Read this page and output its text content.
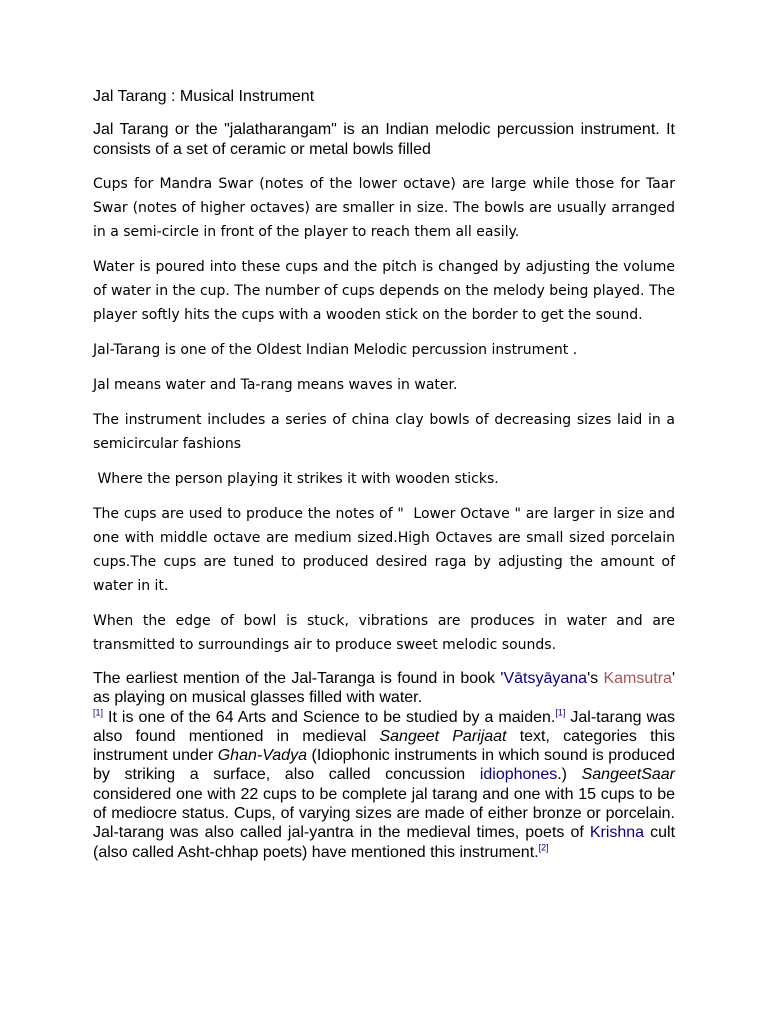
Jal Tarang : Musical Instrument
Jal Tarang or the "jalatharangam" is an Indian melodic percussion instrument. It consists of a set of ceramic or metal bowls filled
Cups for Mandra Swar (notes of the lower octave) are large while those for Taar Swar (notes of higher octaves) are smaller in size. The bowls are usually arranged in a semi-circle in front of the player to reach them all easily.
Water is poured into these cups and the pitch is changed by adjusting the volume of water in the cup. The number of cups depends on the melody being played. The player softly hits the cups with a wooden stick on the border to get the sound.
Jal-Tarang is one of the Oldest Indian Melodic percussion instrument .
Jal means water and Ta-rang means waves in water.
The instrument includes a series of china clay bowls of decreasing sizes laid in a semicircular fashions
Where the person playing it strikes it with wooden sticks.
The cups are used to produce the notes of "  Lower Octave " are larger in size and one with middle octave are medium sized.High Octaves are small sized porcelain cups.The cups are tuned to produced desired raga by adjusting the amount of water in it.
When the edge of bowl is stuck, vibrations are produces in water and are transmitted to surroundings air to produce sweet melodic sounds.
The earliest mention of the Jal-Taranga is found in book 'Vātsyāyana's Kamsutra' as playing on musical glasses filled with water.
[1] It is one of the 64 Arts and Science to be studied by a maiden.[1] Jal-tarang was also found mentioned in medieval Sangeet Parijaat text, categories this instrument under Ghan-Vadya (Idiophonic instruments in which sound is produced by striking a surface, also called concussion idiophones.) SangeetSaar considered one with 22 cups to be complete jal tarang and one with 15 cups to be of mediocre status. Cups, of varying sizes are made of either bronze or porcelain. Jal-tarang was also called jal-yantra in the medieval times, poets of Krishna cult (also called Asht-chhap poets) have mentioned this instrument.[2]
